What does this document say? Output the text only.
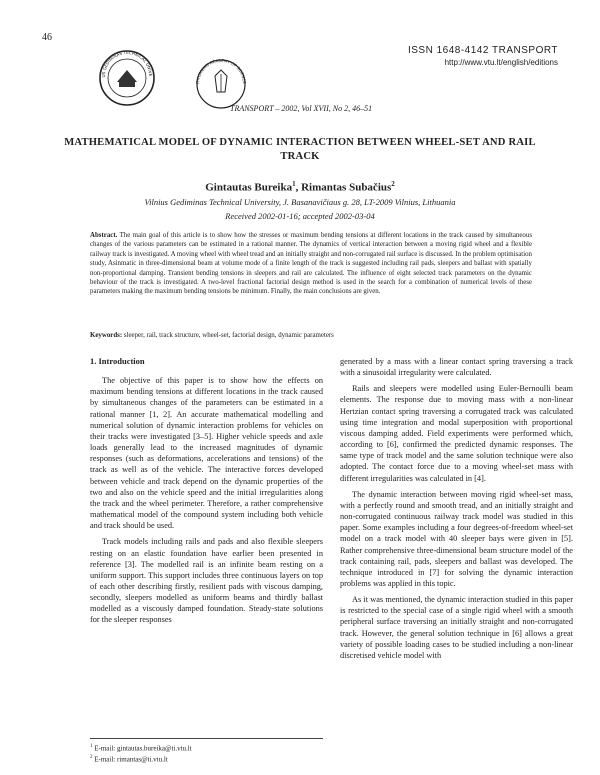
46
US GEDIMINAS TECHNICAL UNIVE
ITHUANIAN ACADEMY OF SCIENCE
ISSN 1648-4142 TRANSPORT
http://www.vtu.lt/english/editions
TRANSPORT – 2002, Vol XVII, No 2, 46–51
MATHEMATICAL MODEL OF DYNAMIC INTERACTION BETWEEN WHEEL-SET AND RAIL TRACK
Gintautas Bureika$^1$, Rimantas Subačius$^2$
Vilnius Gediminas Technical University, J. Basanavičiaus g. 28, LT-2009 Vilnius, Lithuania
Received 2002-01-16; accepted 2002-03-04
Abstract. The main goal of this article is to show how the stresses or maximum bending tensions at different locations in the track caused by simultaneous changes of the various parameters can be estimated in a rational manner. The dynamics of vertical interaction between a moving rigid wheel and a flexible railway track is investigated. A moving wheel with wheel tread and an initially straight and non-corrugated rail surface is discussed. In the problem optimisation study, Asinmatic in three-dimensional beam at volume mode of a finite length of the track is suggested including rail pads, sleepers and ballast with spatially non-proportional damping. Transient bending tensions in sleepers and rail are calculated. The influence of eight selected track parameters on the dynamic behaviour of the track is investigated. A two-level fractional factorial design method is used in the search for a combination of numerical levels of these parameters making the maximum bending tensions be minimum. Finally, the main conclusions are given.
Keywords: sleeper, rail, track structure, wheel-set, factorial design, dynamic parameters
1. Introduction

The objective of this paper is to show how the effects on maximum bending tensions at different locations in the track caused by simultaneous changes of the parameters can be estimated in a rational manner [1, 2]. An accurate mathematical modelling and numerical solution of dynamic interaction problems for vehicles on their tracks were investigated [3–5]. Higher vehicle speeds and axle loads generally lead to the increased magnitudes of dynamic responses (such as deformations, accelerations and tensions) of the track as well as of the vehicle. The interactive forces developed between vehicle and track depend on the dynamic properties of the two and also on the vehicle speed and the initial irregularities along the track and the wheel perimeter. Therefore, a rather comprehensive mathematical model of the compound system including both vehicle and track should be used.

Track models including rails and pads and also flexible sleepers resting on an elastic foundation have earlier been presented in reference [3]. The modelled rail is an infinite beam resting on a uniform support. This support includes three continuous layers on top of each other describing firstly, resilient pads with viscous damping, secondly, sleepers modelled as uniform beams and thirdly ballast modelled as a viscously damped foundation. Steady-state solutions for the sleeper responses

generated by a mass with a linear contact spring traversing a track with a sinusoidal irregularity were calculated.

Rails and sleepers were modelled using Euler-Bernoulli beam elements. The response due to moving mass with a non-linear Hertzian contact spring traversing a corrugated track was calculated using time integration and modal superposition with proportional viscous damping added. Field experiments were performed which, according to [6], confirmed the predicted dynamic responses. The same type of track model and the same solution technique were also adopted. The contact force due to a moving wheel-set mass with different irregularities was calculated in [4].

The dynamic interaction between moving rigid wheel-set mass, with a perfectly round and smooth tread, and an initially straight and non-corrugated continuous railway track model was studied in this paper. Some examples including a four degrees-of-freedom wheel-set model on a track model with 40 sleeper bays were given in [5]. Rather comprehensive three-dimensional beam structure model of the track containing rail, pads, sleepers and ballast was developed. The technique introduced in [7] for solving the dynamic interaction problems was applied in this topic.

As it was mentioned, the dynamic interaction studied in this paper is restricted to the special case of a single rigid wheel with a smooth peripheral surface traversing an initially straight and non-corrugated track. However, the general solution technique in [6] allows a great variety of possible loading cases to be studied including a non-linear discretised vehicle model with

$^1$ E-mail: gintautas.bureika@ti.vtu.lt
$^2$ E-mail: rimantas@ti.vtu.lt
